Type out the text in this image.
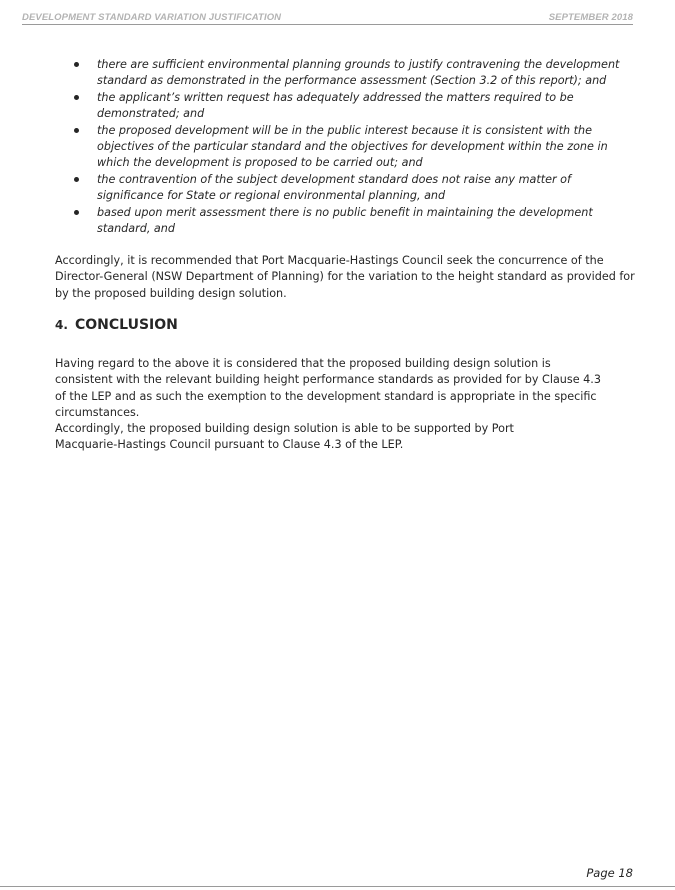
DEVELOPMENT STANDARD VARIATION JUSTIFICATION	SEPTEMBER 2018
there are sufficient environmental planning grounds to justify contravening the development standard as demonstrated in the performance assessment (Section 3.2 of this report); and
the applicant’s written request has adequately addressed the matters required to be demonstrated; and
the proposed development will be in the public interest because it is consistent with the objectives of the particular standard and the objectives for development within the zone in which the development is proposed to be carried out; and
the contravention of the subject development standard does not raise any matter of significance for State or regional environmental planning, and
based upon merit assessment there is no public benefit in maintaining the development standard, and

Accordingly, it is recommended that Port Macquarie-Hastings Council seek the concurrence of the Director-General (NSW Department of Planning) for the variation to the height standard as provided for by the proposed building design solution.

4. CONCLUSION

Having regard to the above it is considered that the proposed building design solution is consistent with the relevant building height performance standards as provided for by Clause 4.3 of the LEP and as such the exemption to the development standard is appropriate in the specific circumstances.

Accordingly, the proposed building design solution is able to be supported by Port Macquarie-Hastings Council pursuant to Clause 4.3 of the LEP.

Page 18
